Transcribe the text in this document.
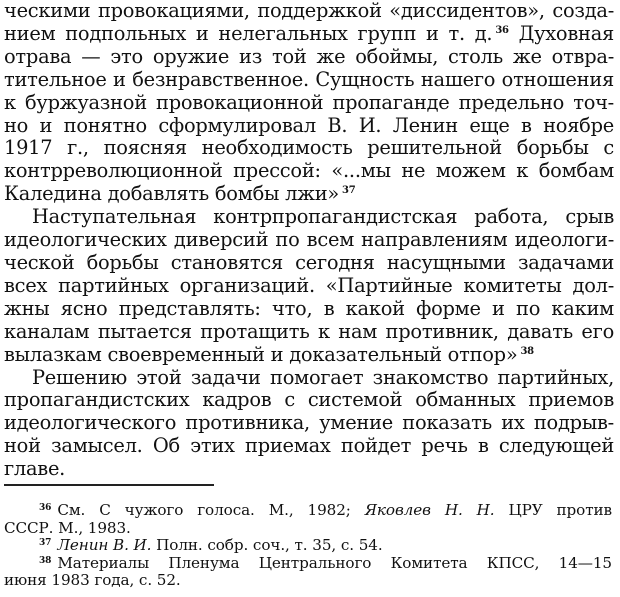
ческими провокациями, поддержкой «диссидентов», созда-
нием подпольных и нелегальных групп и т. д. $^{36}$ Духовная
отрава — это оружие из той же обоймы, столь же отвра-
тительное и безнравственное. Сущность нашего отношения
к буржуазной провокационной пропаганде предельно точ-
но и понятно сформулировал В. И. Ленин еще в ноябре
1917 г., поясняя необходимость решительной борьбы с
контрреволюционной прессой: «...мы не можем к бомбам
Каледина добавлять бомбы лжи» $^{37}$

Наступательная контрпропагандистская работа, срыв
идеологических диверсий по всем направлениям идеологи-
ческой борьбы становятся сегодня насущными задачами
всех партийных организаций. «Партийные комитеты дол-
жны ясно представлять: что, в какой форме и по каким
каналам пытается протащить к нам противник, давать его
вылазкам своевременный и доказательный отпор» $^{38}$

Решению этой задачи помогает знакомство партийных,
пропагандистских кадров с системой обманных приемов
идеологического противника, умение показать их подрыв-
ной замысел. Об этих приемах пойдет речь в следующей
главе.

$^{36}$ См. С чужого голоса. М., 1982; Яковлев Н. Н. ЦРУ против
СССР. М., 1983.
$^{37}$ Ленин В. И. Полн. собр. соч., т. 35, с. 54.
$^{38}$ Материалы Пленума Центрального Комитета КПСС, 14—15
июня 1983 года, с. 52.
